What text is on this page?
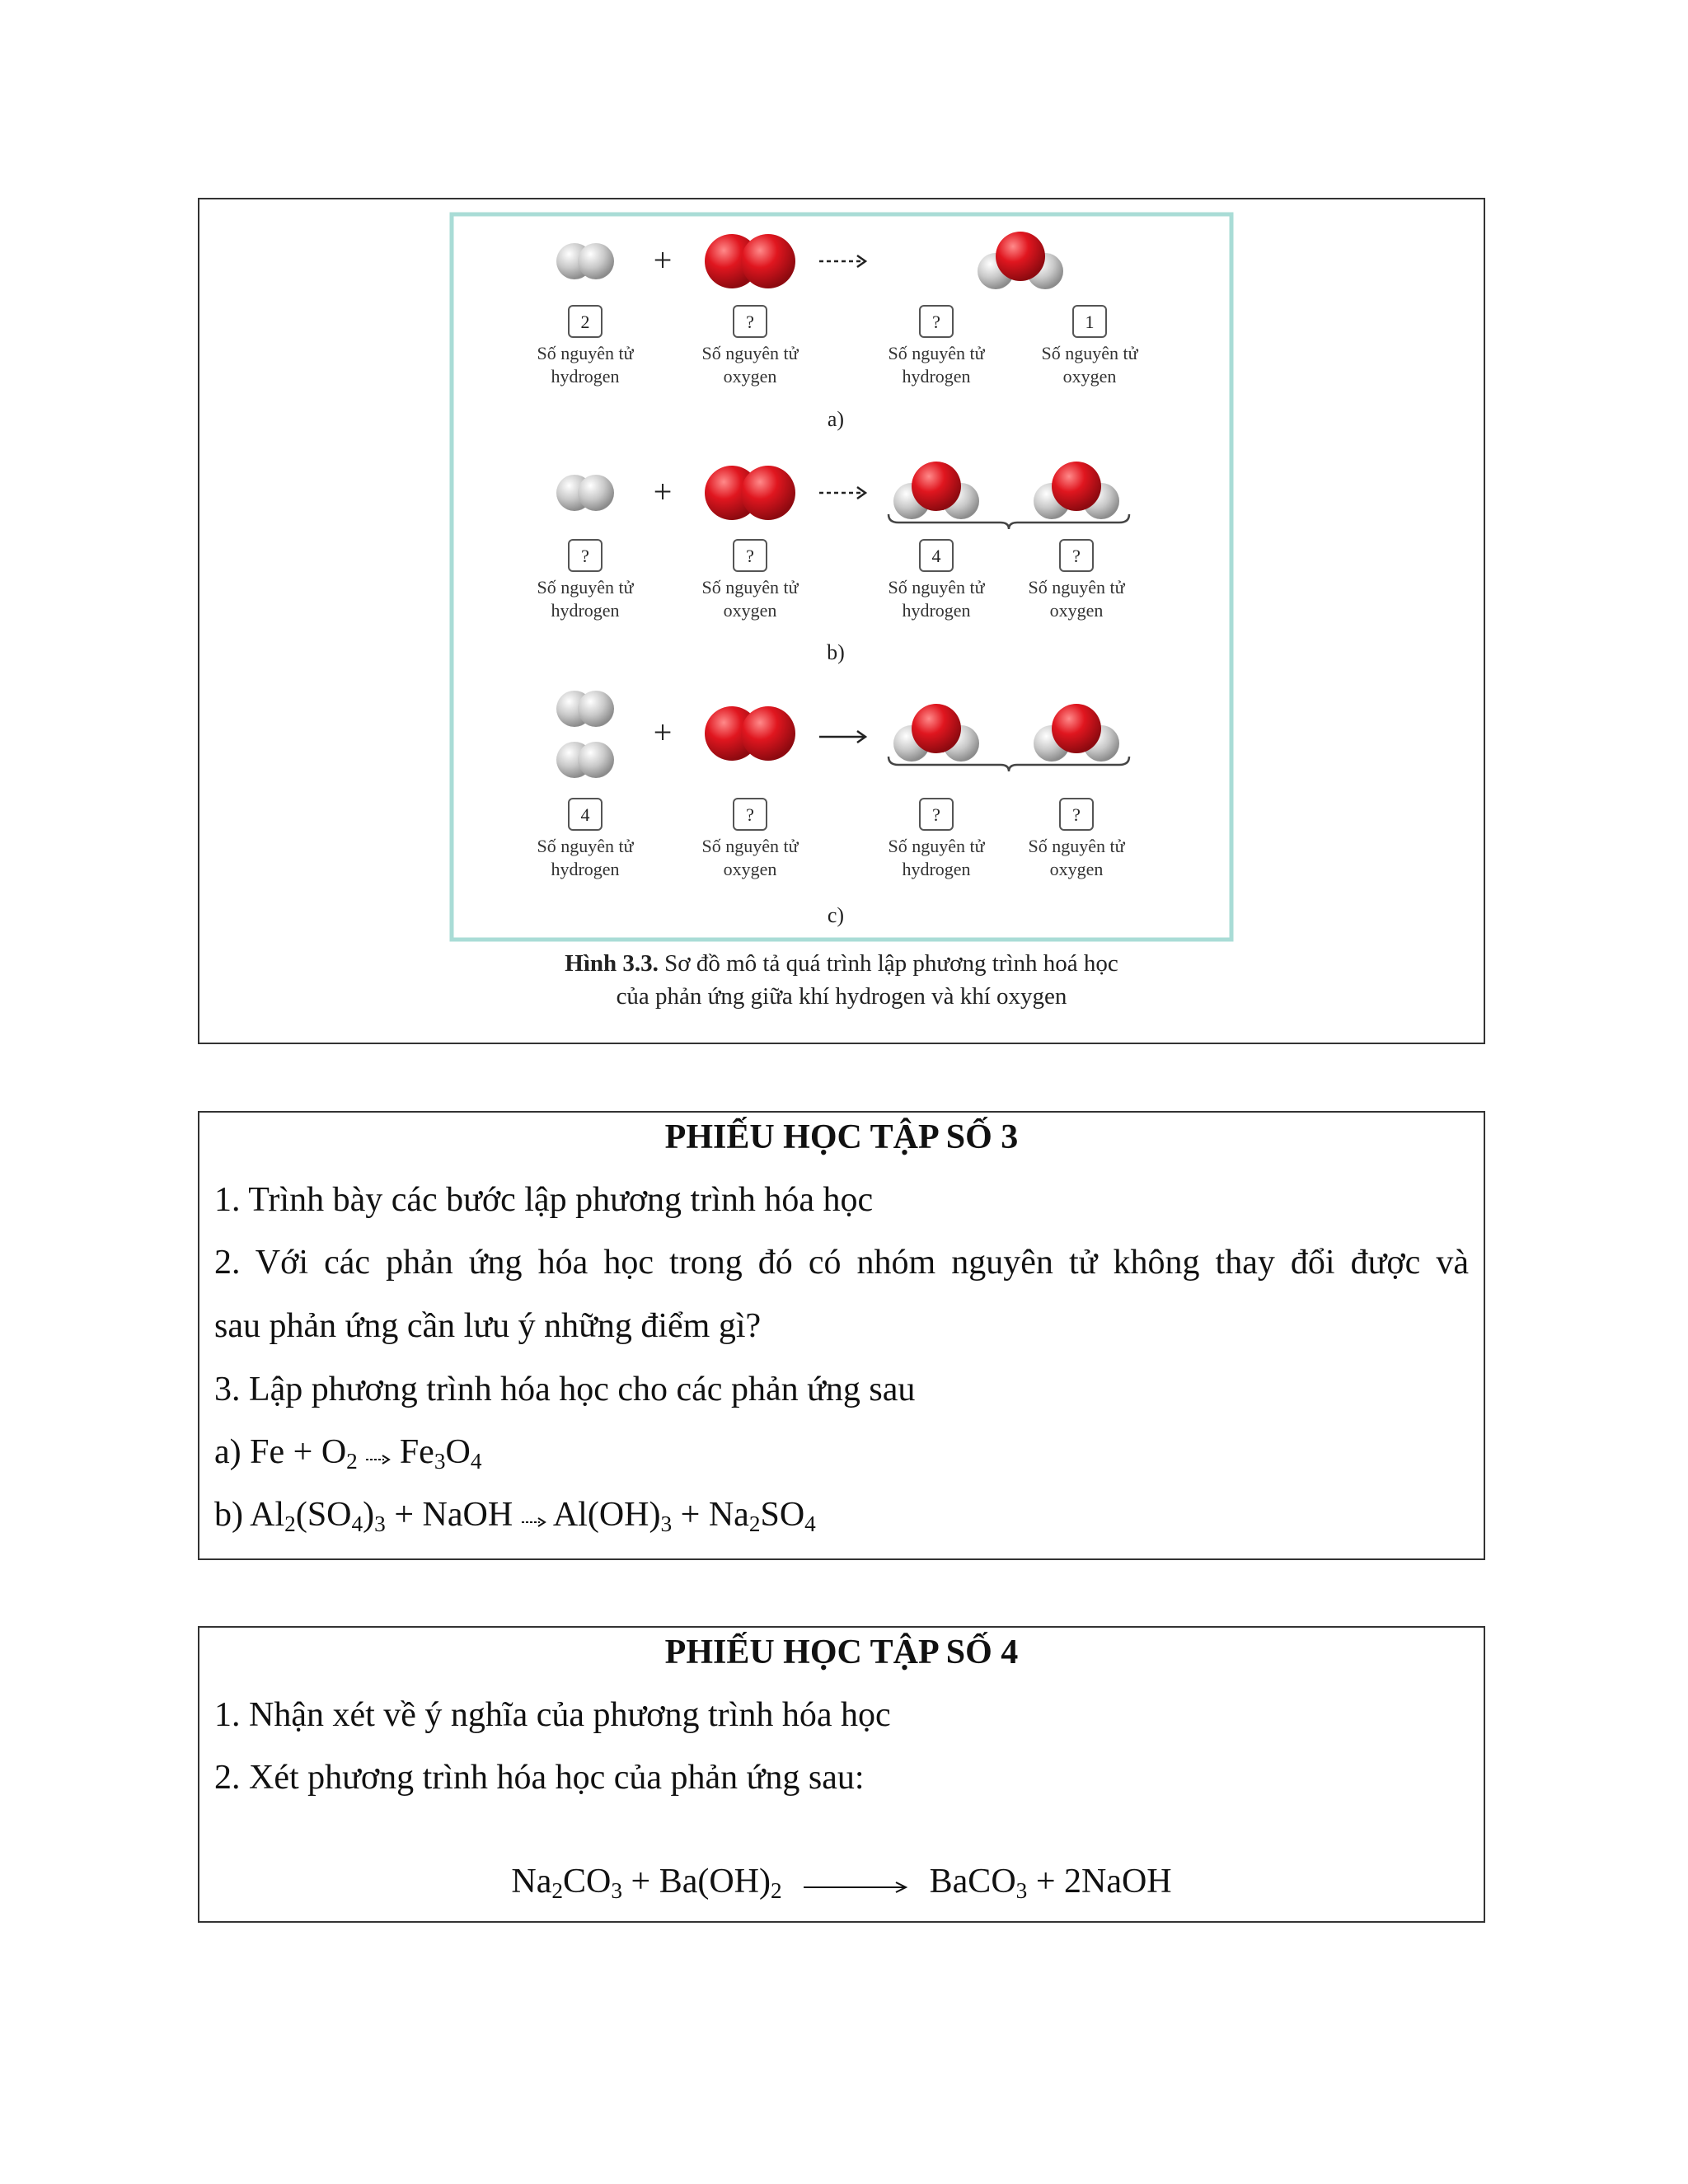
+
2
Số nguyên tử hydrogen
?
Số nguyên tử oxygen
?
Số nguyên tử hydrogen
1
Số nguyên tử oxygen
a)
+
?
Số nguyên tử hydrogen
?
Số nguyên tử oxygen
4
Số nguyên tử hydrogen
?
Số nguyên tử oxygen
b)
+
4
Số nguyên tử hydrogen
?
Số nguyên tử oxygen
?
Số nguyên tử hydrogen
?
Số nguyên tử oxygen
c)
Hình 3.3. Sơ đồ mô tả quá trình lập phương trình hoá học
của phản ứng giữa khí hydrogen và khí oxygen
PHIẾU HỌC TẬP SỐ 3
1. Trình bày các bước lập phương trình hóa học
2. Với các phản ứng hóa học trong đó có nhóm nguyên tử không thay đổi được và
sau phản ứng cần lưu ý những điểm gì?
3. Lập phương trình hóa học cho các phản ứng sau
a) $Fe + O_2$  $Fe_3O_4$
b) $Al_2(SO_4)_3$ + NaOH  $Al(OH)_3 + Na_2SO_4$
PHIẾU HỌC TẬP SỐ 4
1. Nhận xét về ý nghĩa của phương trình hóa học
2. Xét phương trình hóa học của phản ứng sau:
$Na_2CO_3 + Ba(OH)_2$	BaCO$_3$ + 2NaOH
